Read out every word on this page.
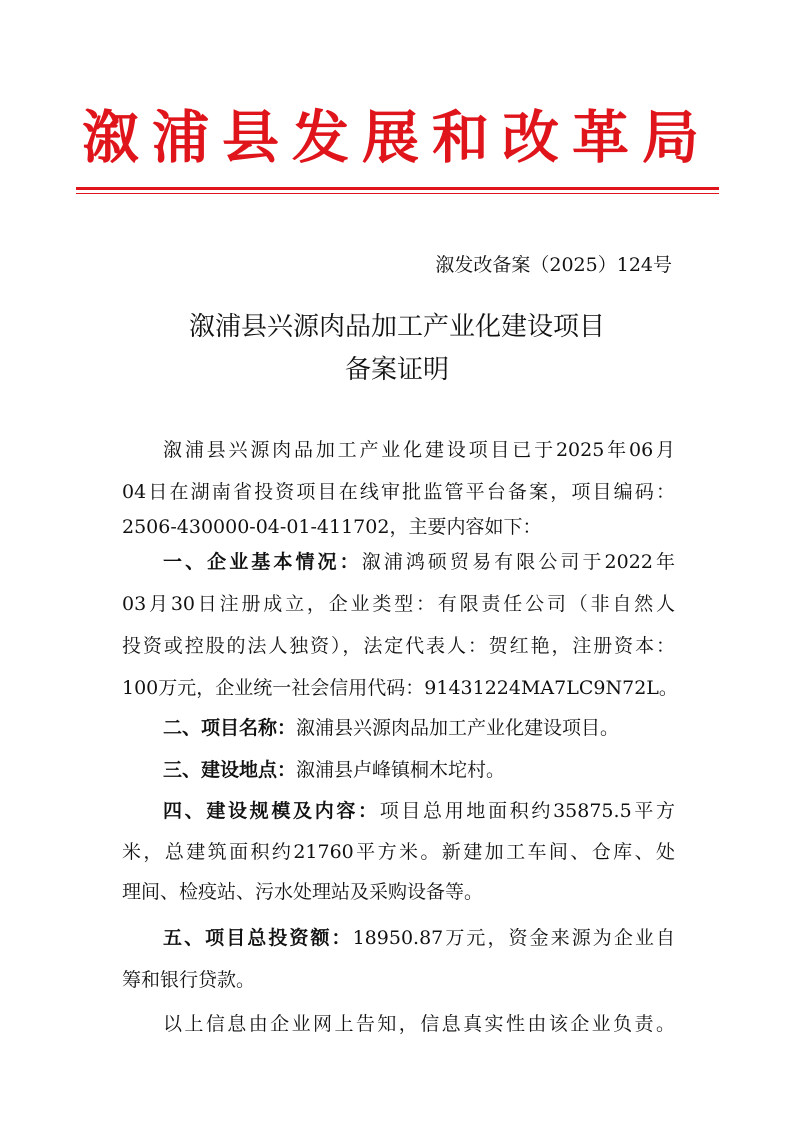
溆浦县发展和改革局
溆发改备案（2025）124号
溆浦县兴源肉品加工产业化建设项目
备案证明
溆浦县兴源肉品加工产业化建设项目已于2025年06月
04日在湖南省投资项目在线审批监管平台备案，项目编码：
2506-430000-04-01-411702，主要内容如下：
一、企业基本情况：溆浦鸿硕贸易有限公司于2022年
03月30日注册成立，企业类型：有限责任公司（非自然人
投资或控股的法人独资），法定代表人：贺红艳，注册资本：
100万元，企业统一社会信用代码：91431224MA7LC9N72L。
二、项目名称：溆浦县兴源肉品加工产业化建设项目。
三、建设地点：溆浦县卢峰镇桐木坨村。
四、建设规模及内容：项目总用地面积约35875.5平方
米，总建筑面积约21760平方米。新建加工车间、仓库、处
理间、检疫站、污水处理站及采购设备等。
五、项目总投资额：18950.87万元，资金来源为企业自
筹和银行贷款。
以上信息由企业网上告知，信息真实性由该企业负责。
